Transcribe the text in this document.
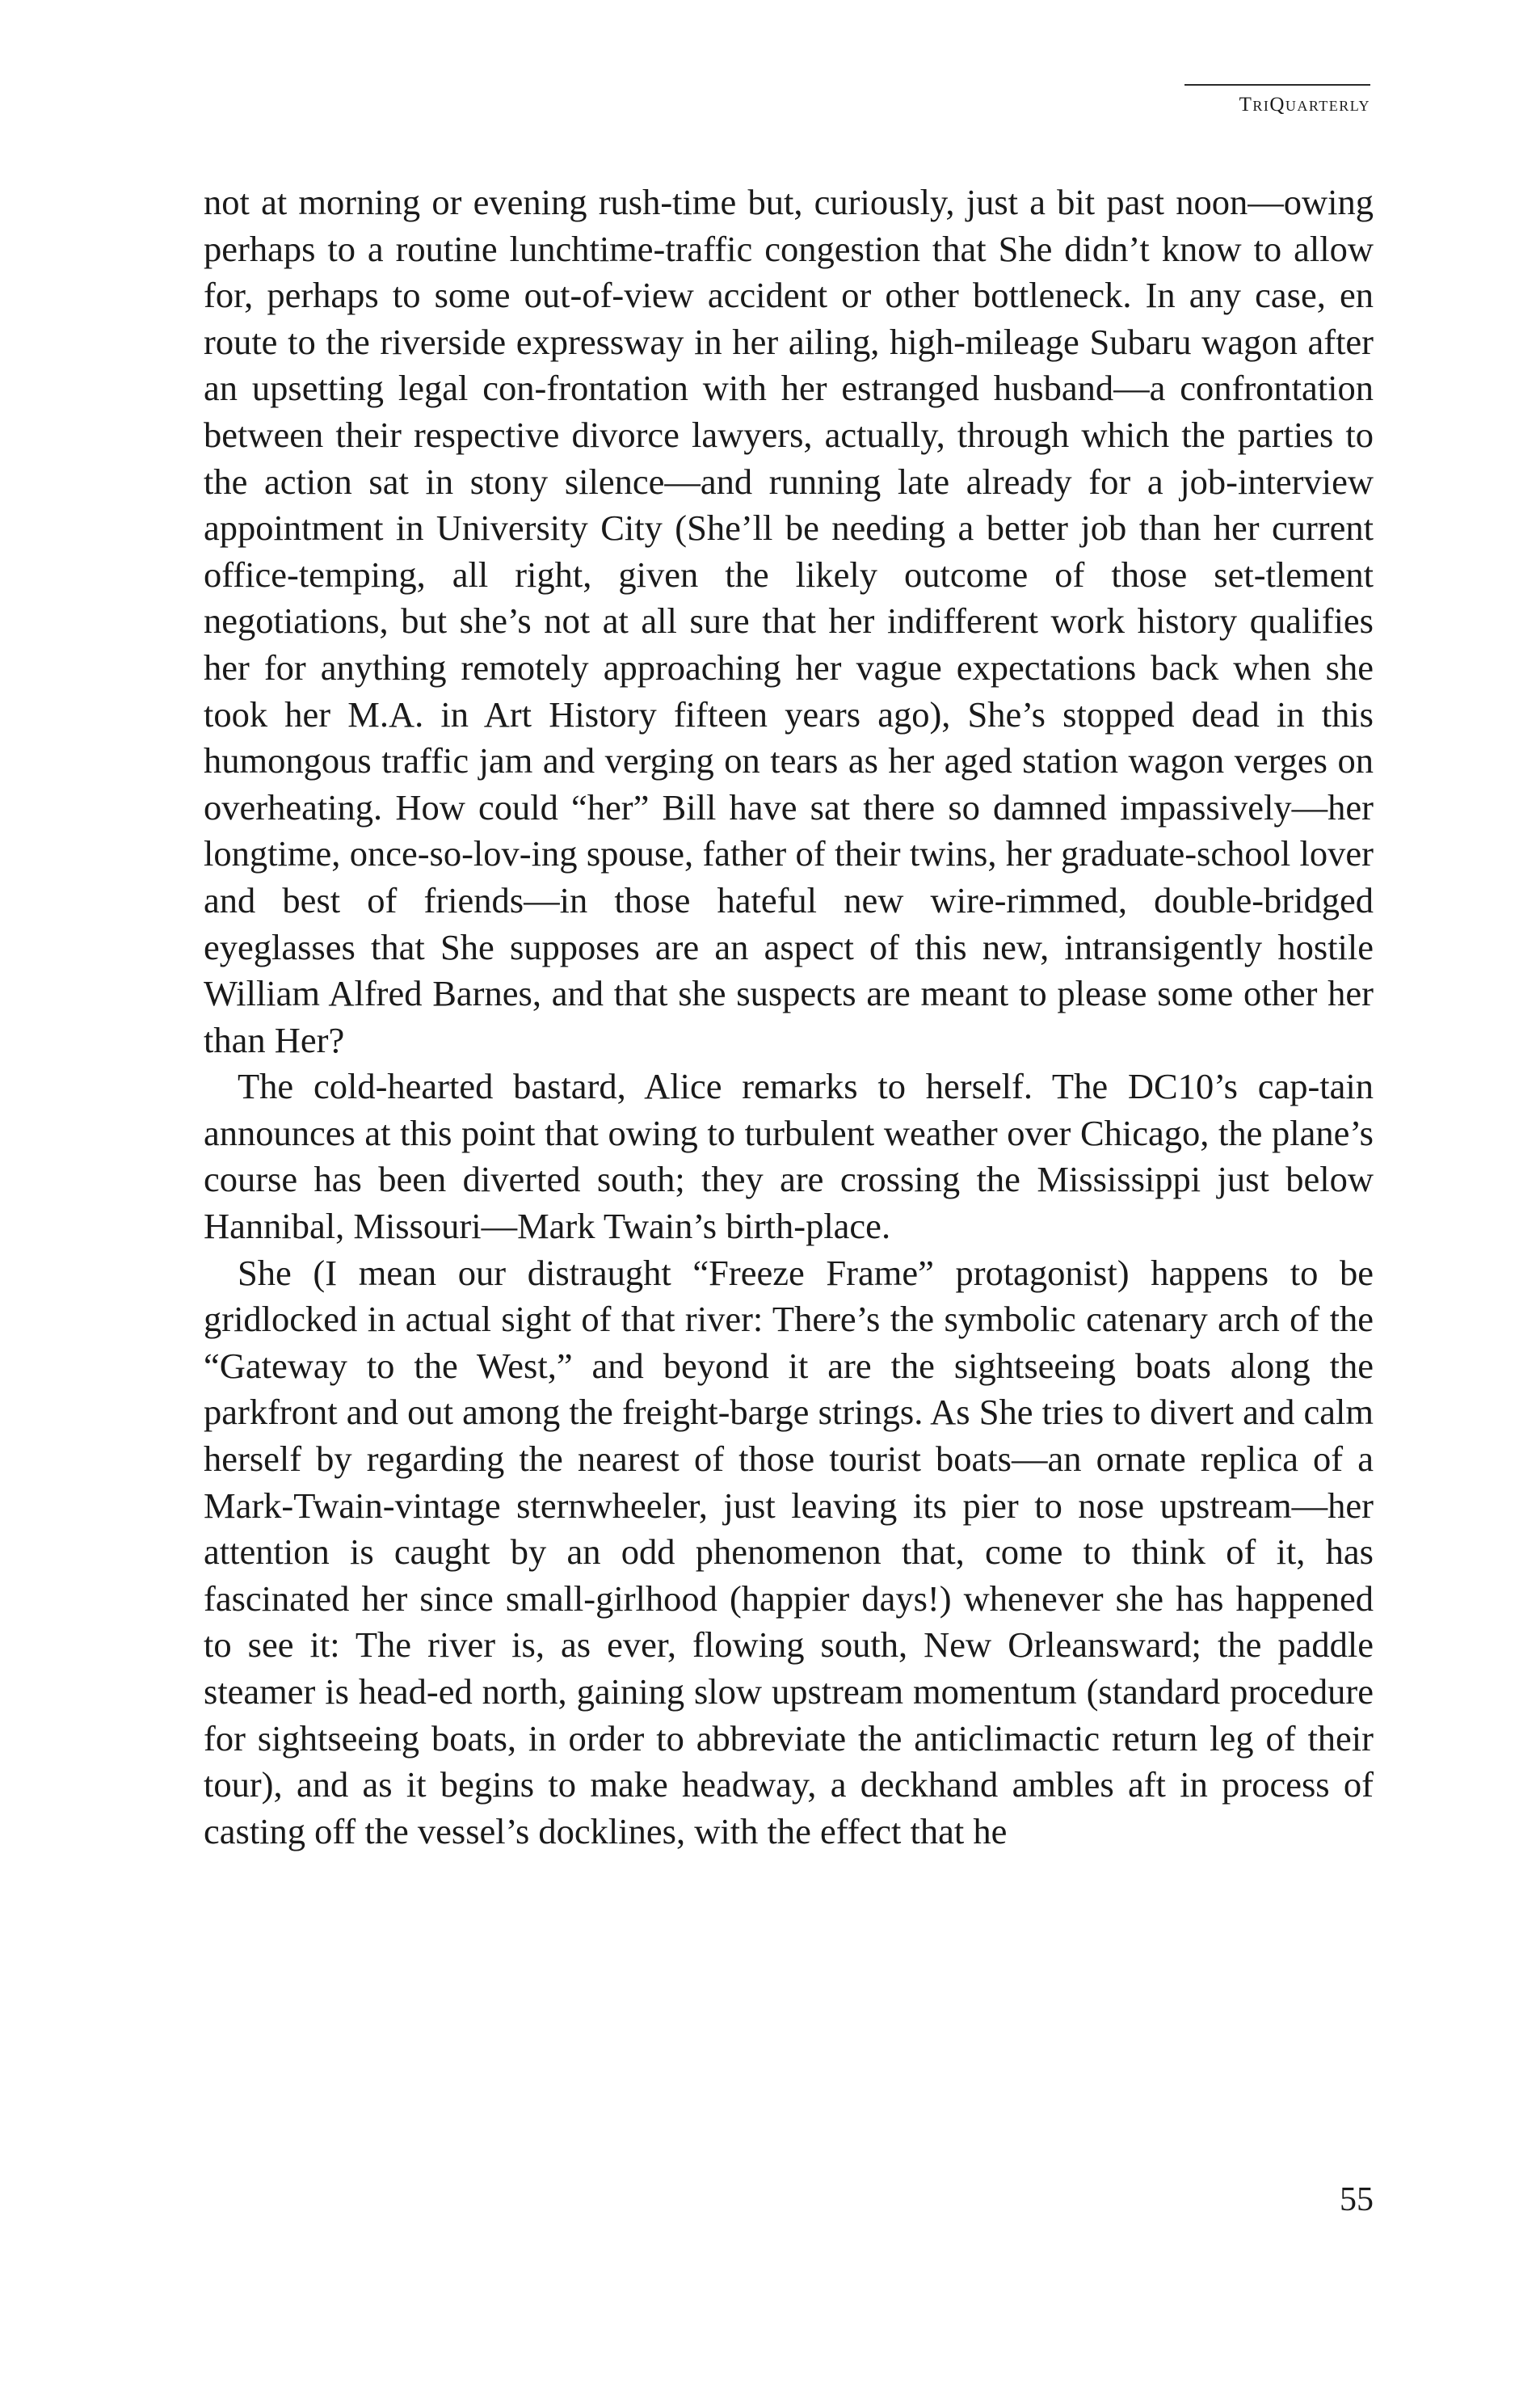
TriQuarterly

not at morning or evening rush-time but, curiously, just a bit past noon—owing perhaps to a routine lunchtime-traffic congestion that She didn’t know to allow for, perhaps to some out-of-view accident or other bottleneck. In any case, en route to the riverside expressway in her ailing, high-mileage Subaru wagon after an upsetting legal con-frontation with her estranged husband—a confrontation between their respective divorce lawyers, actually, through which the parties to the action sat in stony silence—and running late already for a job-interview appointment in University City (She’ll be needing a better job than her current office-temping, all right, given the likely outcome of those set-tlement negotiations, but she’s not at all sure that her indifferent work history qualifies her for anything remotely approaching her vague expectations back when she took her M.A. in Art History fifteen years ago), She’s stopped dead in this humongous traffic jam and verging on tears as her aged station wagon verges on overheating. How could “her” Bill have sat there so damned impassively—her longtime, once-so-lov-ing spouse, father of their twins, her graduate-school lover and best of friends—in those hateful new wire-rimmed, double-bridged eyeglasses that She supposes are an aspect of this new, intransigently hostile William Alfred Barnes, and that she suspects are meant to please some other her than Her?

The cold-hearted bastard, Alice remarks to herself. The DC10’s cap-tain announces at this point that owing to turbulent weather over Chicago, the plane’s course has been diverted south; they are crossing the Mississippi just below Hannibal, Missouri—Mark Twain’s birth-place.

She (I mean our distraught “Freeze Frame” protagonist) happens to be gridlocked in actual sight of that river: There’s the symbolic catenary arch of the “Gateway to the West,” and beyond it are the sightseeing boats along the parkfront and out among the freight-barge strings. As She tries to divert and calm herself by regarding the nearest of those tourist boats—an ornate replica of a Mark-Twain-vintage sternwheeler, just leaving its pier to nose upstream—her attention is caught by an odd phenomenon that, come to think of it, has fascinated her since small-girlhood (happier days!) whenever she has happened to see it: The river is, as ever, flowing south, New Orleansward; the paddle steamer is head-ed north, gaining slow upstream momentum (standard procedure for sightseeing boats, in order to abbreviate the anticlimactic return leg of their tour), and as it begins to make headway, a deckhand ambles aft in process of casting off the vessel’s docklines, with the effect that he

55
